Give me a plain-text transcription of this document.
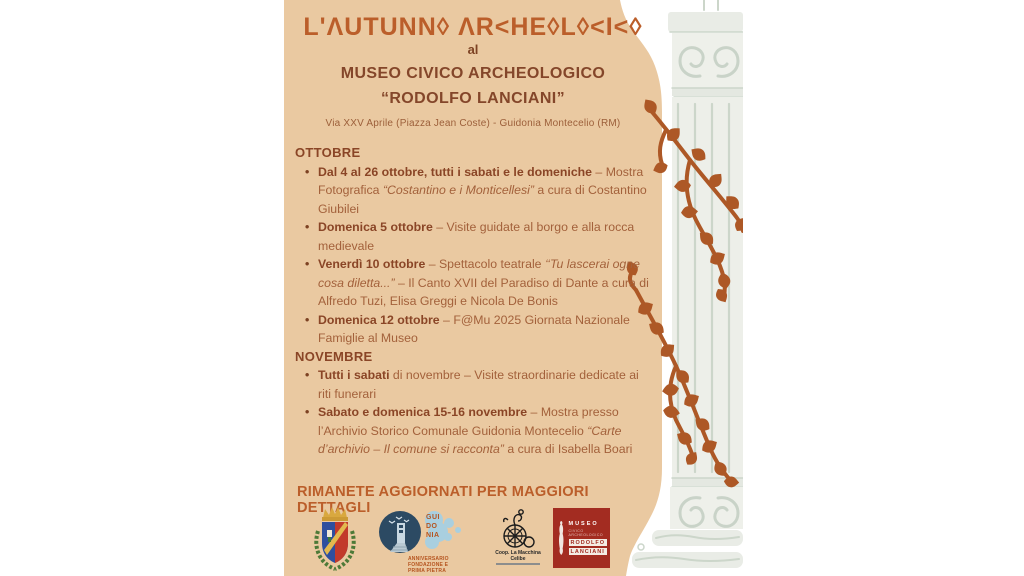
L'ΛUTUNN◊ ΛR<HE◊L◊<I<◊
al
MUSEO CIVICO ARCHEOLOGICO
“RODOLFO LANCIANI”
Via XXV Aprile (Piazza Jean Coste) - Guidonia Montecelio (RM)
OTTOBRE
• Dal 4 al 26 ottobre, tutti i sabati e le domeniche – Mostra Fotografica “Costantino e i Monticellesi” a cura di Costantino Giubilei
• Domenica 5 ottobre – Visite guidate al borgo e alla rocca medievale
• Venerdì 10 ottobre – Spettacolo teatrale ‘‘Tu lascerai ogne cosa diletta...” – Il Canto XVII del Paradiso di Dante a cura di Alfredo Tuzi, Elisa Greggi e Nicola De Bonis
• Domenica 12 ottobre – F@Mu 2025 Giornata Nazionale Famiglie al Museo
NOVEMBRE
• Tutti i sabati di novembre – Visite straordinarie dedicate ai riti funerari
• Sabato e domenica 15-16 novembre – Mostra presso l’Archivio Storico Comunale Guidonia Montecelio “Carte d’archivio – Il comune si racconta” a cura di Isabella Boari
RIMANETE AGGIORNATI PER MAGGIORI DETTAGLI
GUI
DO
NIA
ANNIVERSARIO
FONDAZIONE E
PRIMA PIETRA
Coop. La Macchina Celibe
MUSEO
CIVICO ARCHEOLOGICO
RODOLFO
LANCIANI
